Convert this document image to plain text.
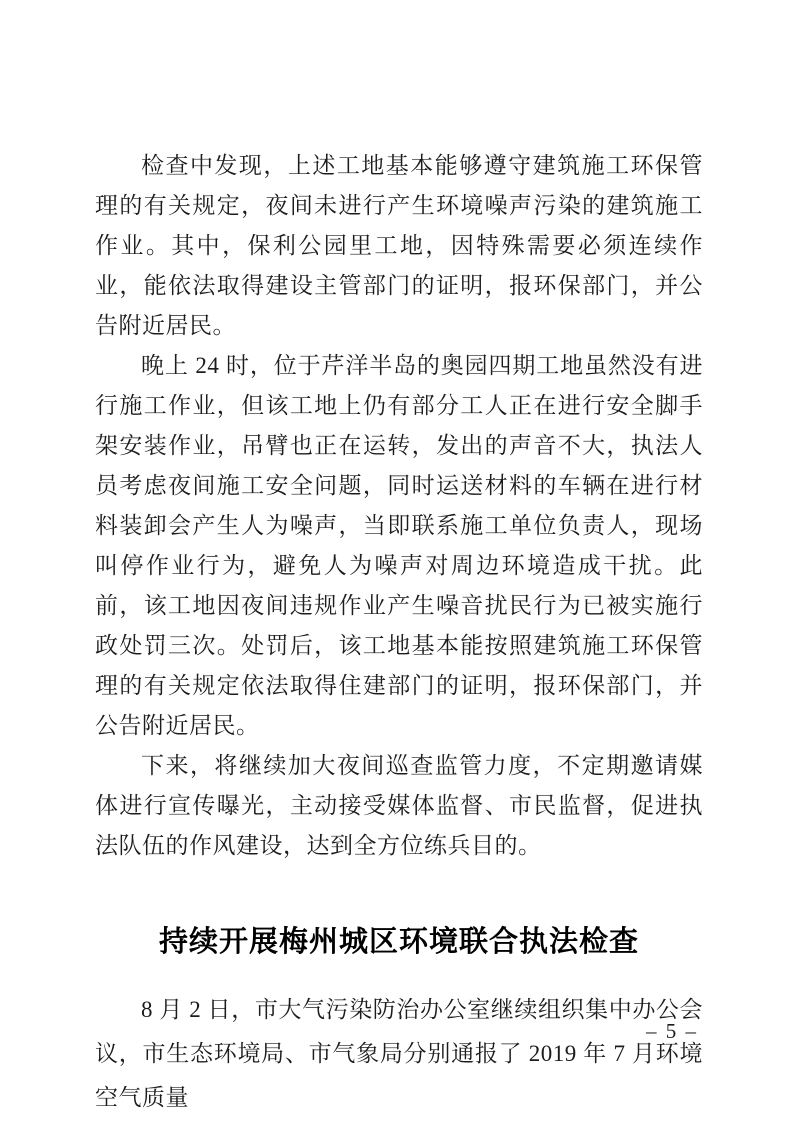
检查中发现，上述工地基本能够遵守建筑施工环保管理的有关规定，夜间未进行产生环境噪声污染的建筑施工作业。其中，保利公园里工地，因特殊需要必须连续作业，能依法取得建设主管部门的证明，报环保部门，并公告附近居民。

晚上 24 时，位于芹洋半岛的奥园四期工地虽然没有进行施工作业，但该工地上仍有部分工人正在进行安全脚手架安装作业，吊臂也正在运转，发出的声音不大，执法人员考虑夜间施工安全问题，同时运送材料的车辆在进行材料装卸会产生人为噪声，当即联系施工单位负责人，现场叫停作业行为，避免人为噪声对周边环境造成干扰。此前，该工地因夜间违规作业产生噪音扰民行为已被实施行政处罚三次。处罚后，该工地基本能按照建筑施工环保管理的有关规定依法取得住建部门的证明，报环保部门，并公告附近居民。

下来，将继续加大夜间巡查监管力度，不定期邀请媒体进行宣传曝光，主动接受媒体监督、市民监督，促进执法队伍的作风建设，达到全方位练兵目的。

持续开展梅州城区环境联合执法检查

8 月 2 日，市大气污染防治办公室继续组织集中办公会议，市生态环境局、市气象局分别通报了 2019 年 7 月环境空气质量

– 5 –
